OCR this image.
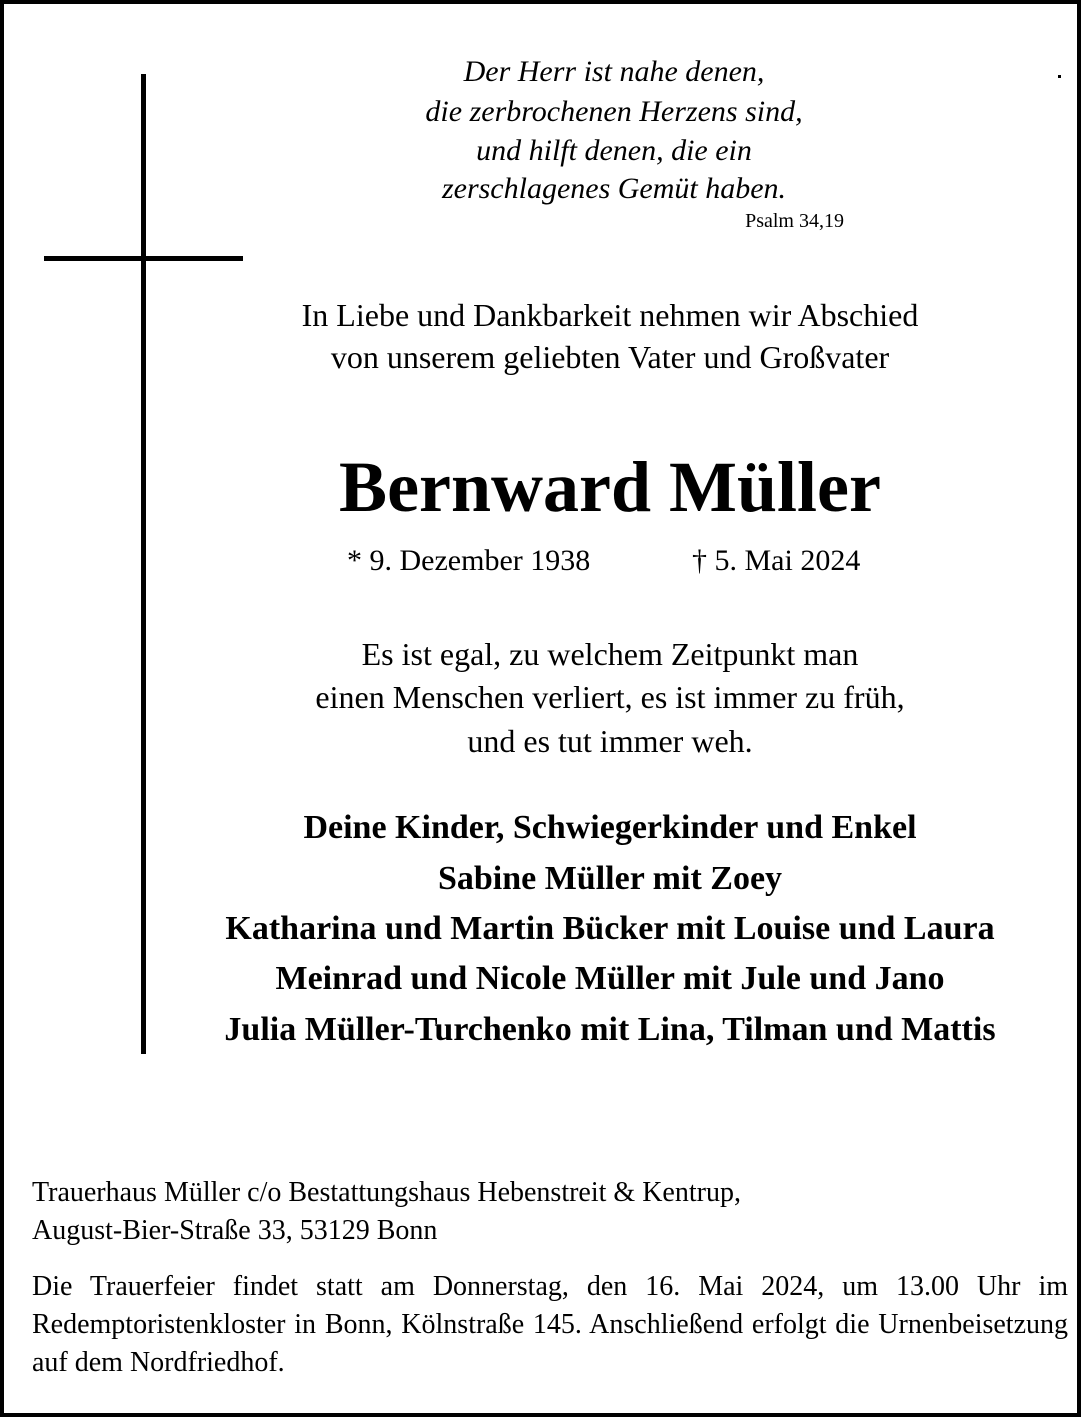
Der Herr ist nahe denen,
die zerbrochenen Herzens sind,
und hilft denen, die ein
zerschlagenes Gemüt haben.
Psalm 34,19
In Liebe und Dankbarkeit nehmen wir Abschied
von unserem geliebten Vater und Großvater
Bernward Müller
* 9. Dezember 1938	† 5. Mai 2024
Es ist egal, zu welchem Zeitpunkt man
einen Menschen verliert, es ist immer zu früh,
und es tut immer weh.
Deine Kinder, Schwiegerkinder und Enkel
Sabine Müller mit Zoey
Katharina und Martin Bücker mit Louise und Laura
Meinrad und Nicole Müller mit Jule und Jano
Julia Müller-Turchenko mit Lina, Tilman und Mattis
Trauerhaus Müller c/o Bestattungshaus Hebenstreit & Kentrup,
August-Bier-Straße 33, 53129 Bonn
Die Trauerfeier findet statt am Donnerstag, den 16. Mai 2024, um 13.00 Uhr im Redemptoristenkloster in Bonn, Kölnstraße 145. Anschließend erfolgt die Urnenbeisetzung auf dem Nordfriedhof.
